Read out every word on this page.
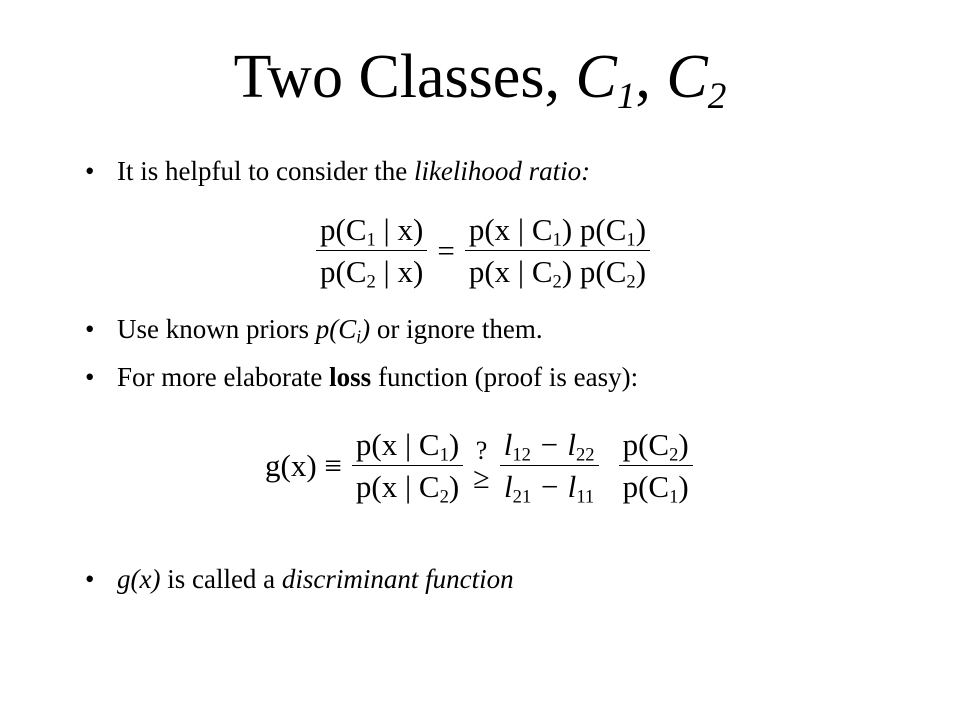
Two Classes, $C_1$, $C_2$
• It is helpful to consider the likelihood ratio:
$\frac{p(C_1 | x)}{p(C_2 | x)} = \frac{p(x | C_1) p(C_1)}{p(x | C_2) p(C_2)}$
• Use known priors $p(C_i)$ or ignore them.
• For more elaborate loss function (proof is easy):
$g(x) \equiv \frac{p(x | C_1)}{p(x | C_2)}$ ?
≥ $\frac{l_{12} - l_{22}}{l_{21} - l_{11}} \frac{p(C_2)}{p(C_1)}$
• g(x) is called a discriminant function
